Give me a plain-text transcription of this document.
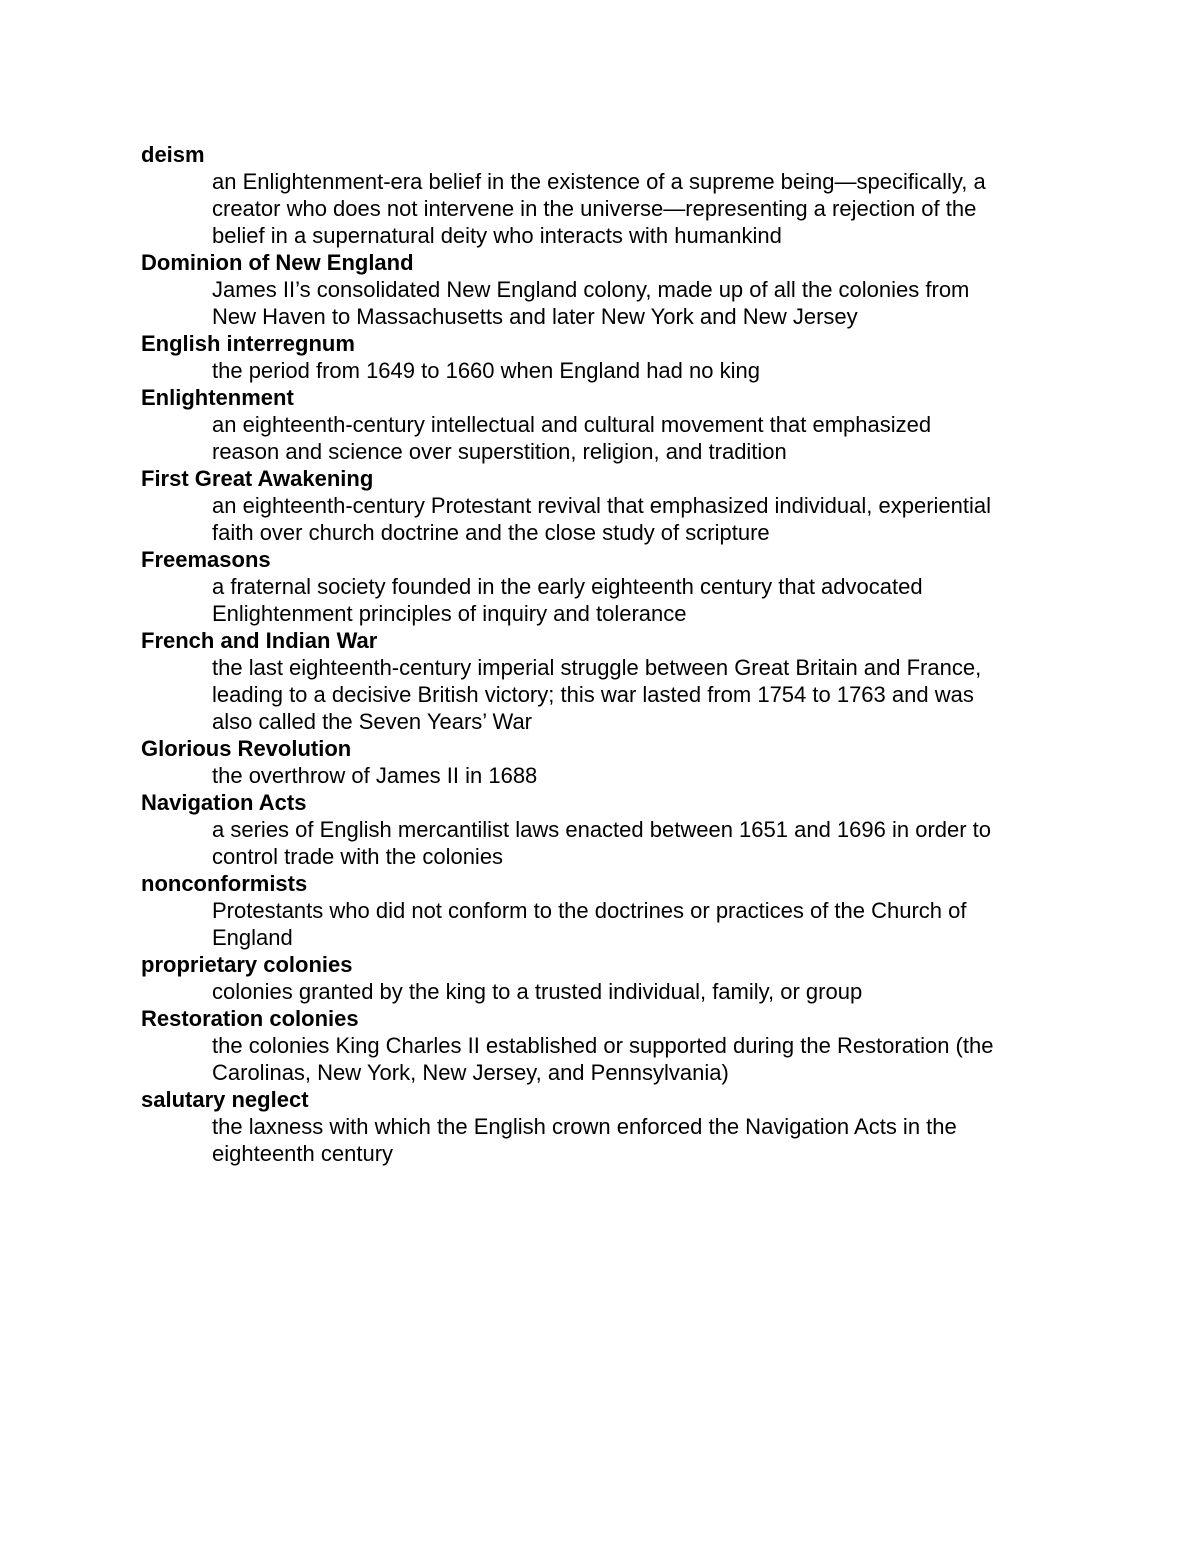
deism
an Enlightenment-era belief in the existence of a supreme being—specifically, a
creator who does not intervene in the universe—representing a rejection of the
belief in a supernatural deity who interacts with humankind
Dominion of New England
James II’s consolidated New England colony, made up of all the colonies from
New Haven to Massachusetts and later New York and New Jersey
English interregnum
the period from 1649 to 1660 when England had no king
Enlightenment
an eighteenth-century intellectual and cultural movement that emphasized
reason and science over superstition, religion, and tradition
First Great Awakening
an eighteenth-century Protestant revival that emphasized individual, experiential
faith over church doctrine and the close study of scripture
Freemasons
a fraternal society founded in the early eighteenth century that advocated
Enlightenment principles of inquiry and tolerance
French and Indian War
the last eighteenth-century imperial struggle between Great Britain and France,
leading to a decisive British victory; this war lasted from 1754 to 1763 and was
also called the Seven Years’ War
Glorious Revolution
the overthrow of James II in 1688
Navigation Acts
a series of English mercantilist laws enacted between 1651 and 1696 in order to
control trade with the colonies
nonconformists
Protestants who did not conform to the doctrines or practices of the Church of
England
proprietary colonies
colonies granted by the king to a trusted individual, family, or group
Restoration colonies
the colonies King Charles II established or supported during the Restoration (the
Carolinas, New York, New Jersey, and Pennsylvania)
salutary neglect
the laxness with which the English crown enforced the Navigation Acts in the
eighteenth century
